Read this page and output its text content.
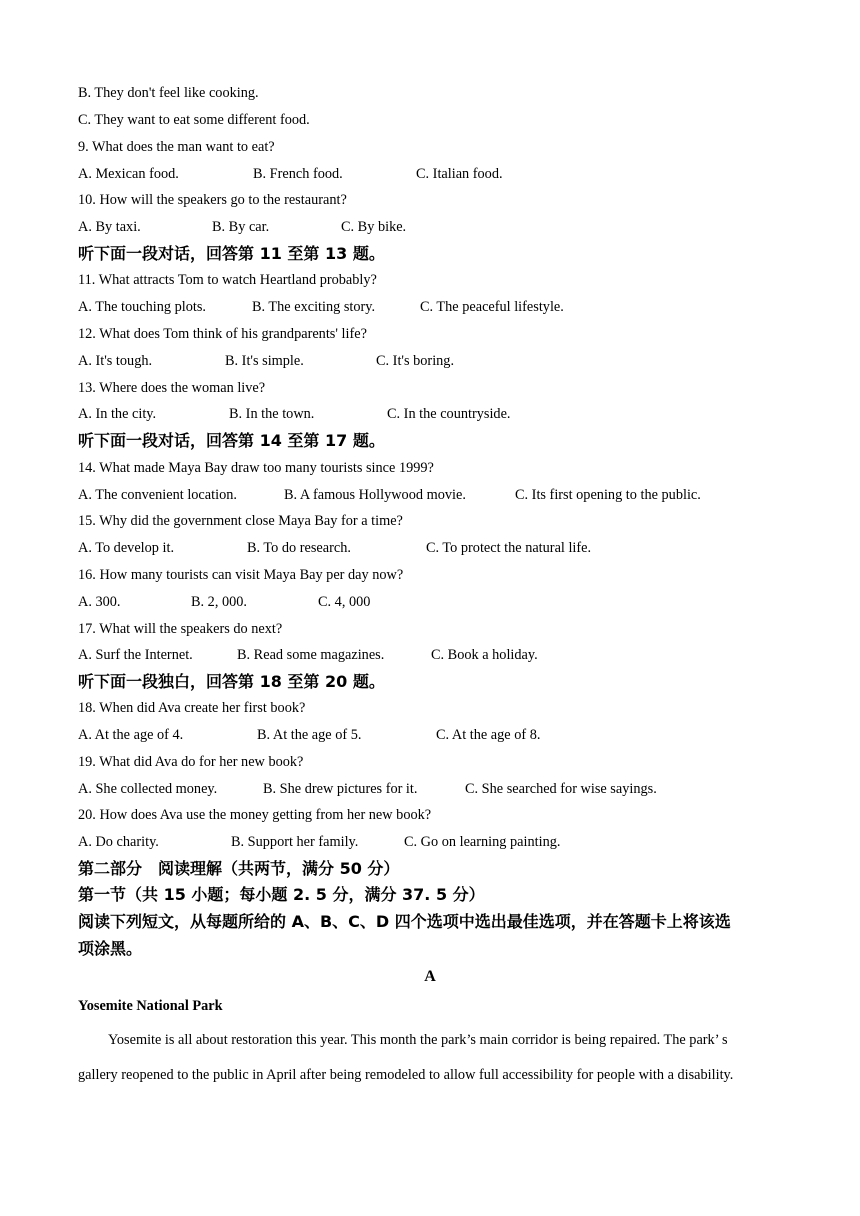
B. They don't feel like cooking.
C. They want to eat some different food.
9. What does the man want to eat?
A. Mexican food.	B. French food.	C. Italian food.
10. How will the speakers go to the restaurant?
A. By taxi.	B. By car.	C. By bike.
听下面一段对话，回答第 11 至第 13 题。
11. What attracts Tom to watch Heartland probably?
A. The touching plots.	B. The exciting story.	C. The peaceful lifestyle.
12. What does Tom think of his grandparents' life?
A. It's tough.	B. It's simple.	C. It's boring.
13. Where does the woman live?
A. In the city.	B. In the town.	C. In the countryside.
听下面一段对话，回答第 14 至第 17 题。
14. What made Maya Bay draw too many tourists since 1999?
A. The convenient location.	B. A famous Hollywood movie.	C. Its first opening to the public.
15. Why did the government close Maya Bay for a time?
A. To develop it.	B. To do research.	C. To protect the natural life.
16. How many tourists can visit Maya Bay per day now?
A. 300.	B. 2, 000.	C. 4, 000
17. What will the speakers do next?
A. Surf the Internet.	B. Read some magazines.	C. Book a holiday.
听下面一段独白，回答第 18 至第 20 题。
18. When did Ava create her first book?
A. At the age of 4.	B. At the age of 5.	C. At the age of 8.
19. What did Ava do for her new book?
A. She collected money.	B. She drew pictures for it.	C. She searched for wise sayings.
20. How does Ava use the money getting from her new book?
A. Do charity.	B. Support her family.	C. Go on learning painting.
第二部分　阅读理解（共两节，满分 50 分）
第一节（共 15 小题；每小题 2. 5 分，满分 37. 5 分）
阅读下列短文，从每题所给的 A、B、C、D 四个选项中选出最佳选项，并在答题卡上将该选
项涂黑。
A
Yosemite National Park
Yosemite is all about restoration this year. This month the park’s main corridor is being repaired. The park’ s
gallery reopened to the public in April after being remodeled to allow full accessibility for people with a disability.
